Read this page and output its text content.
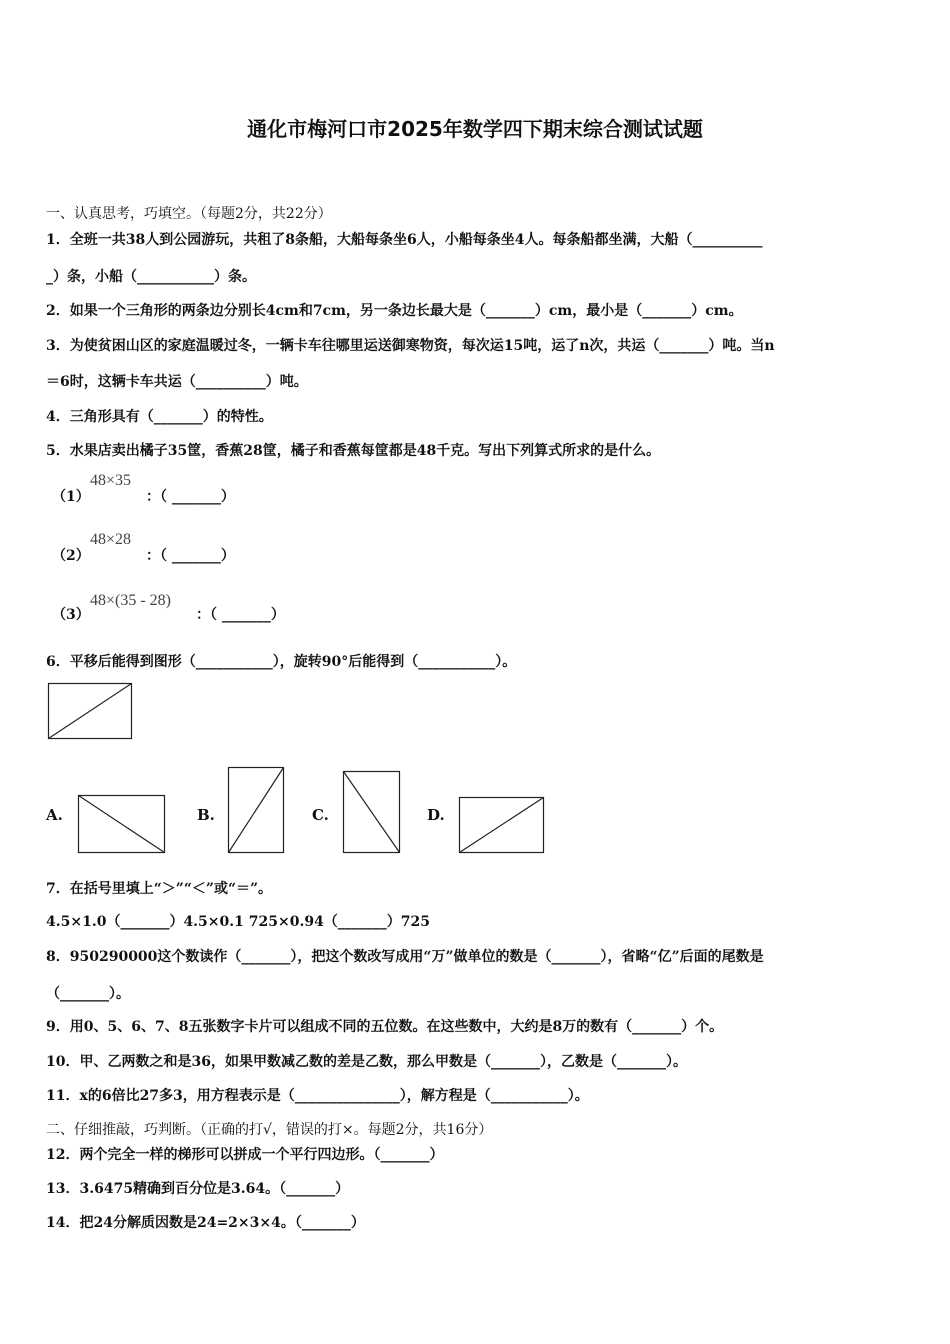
通化市梅河口市2025年数学四下期末综合测试试题
一、认真思考，巧填空。（每题2分，共22分）
1．全班一共38人到公园游玩，共租了8条船，大船每条坐6人，小船每条坐4人。每条船都坐满，大船（__________
_）条，小船（___________）条。
2．如果一个三角形的两条边分别长4cm和7cm，另一条边长最大是（_______）cm，最小是（_______）cm。
3．为使贫困山区的家庭温暖过冬，一辆卡车往哪里运送御寒物资，每次运15吨，运了n次，共运（_______）吨。当n
＝6时，这辆卡车共运（__________）吨。
4．三角形具有（_______）的特性。
5．水果店卖出橘子35筐，香蕉28筐，橘子和香蕉每筐都是48千克。写出下列算式所求的是什么。
（1）
48×35
：（ _______）
（2）
48×28
：（ _______）
（3）
48×(35 - 28)
：（ _______）
6．平移后能得到图形（___________），旋转90°后能得到（___________）。
A.	B.	C.	D.
7．在括号里填上“＞”“＜”或“＝”。
4.5×1.0（_______）4.5×0.1 725×0.94（_______）725
8．950290000这个数读作（_______），把这个数改写成用“万”做单位的数是（_______），省略“亿”后面的尾数是
（_______）。
9．用0、5、6、7、8五张数字卡片可以组成不同的五位数。在这些数中，大约是8万的数有（_______）个。
10．甲、乙两数之和是36，如果甲数减乙数的差是乙数，那么甲数是（_______），乙数是（_______）。
11．x的6倍比27多3，用方程表示是（_______________），解方程是（___________）。
二、仔细推敲，巧判断。（正确的打√，错误的打×。每题2分，共16分）
12．两个完全一样的梯形可以拼成一个平行四边形。（_______）
13．3.6475精确到百分位是3.64。（_______）
14．把24分解质因数是24=2×3×4。（_______）
